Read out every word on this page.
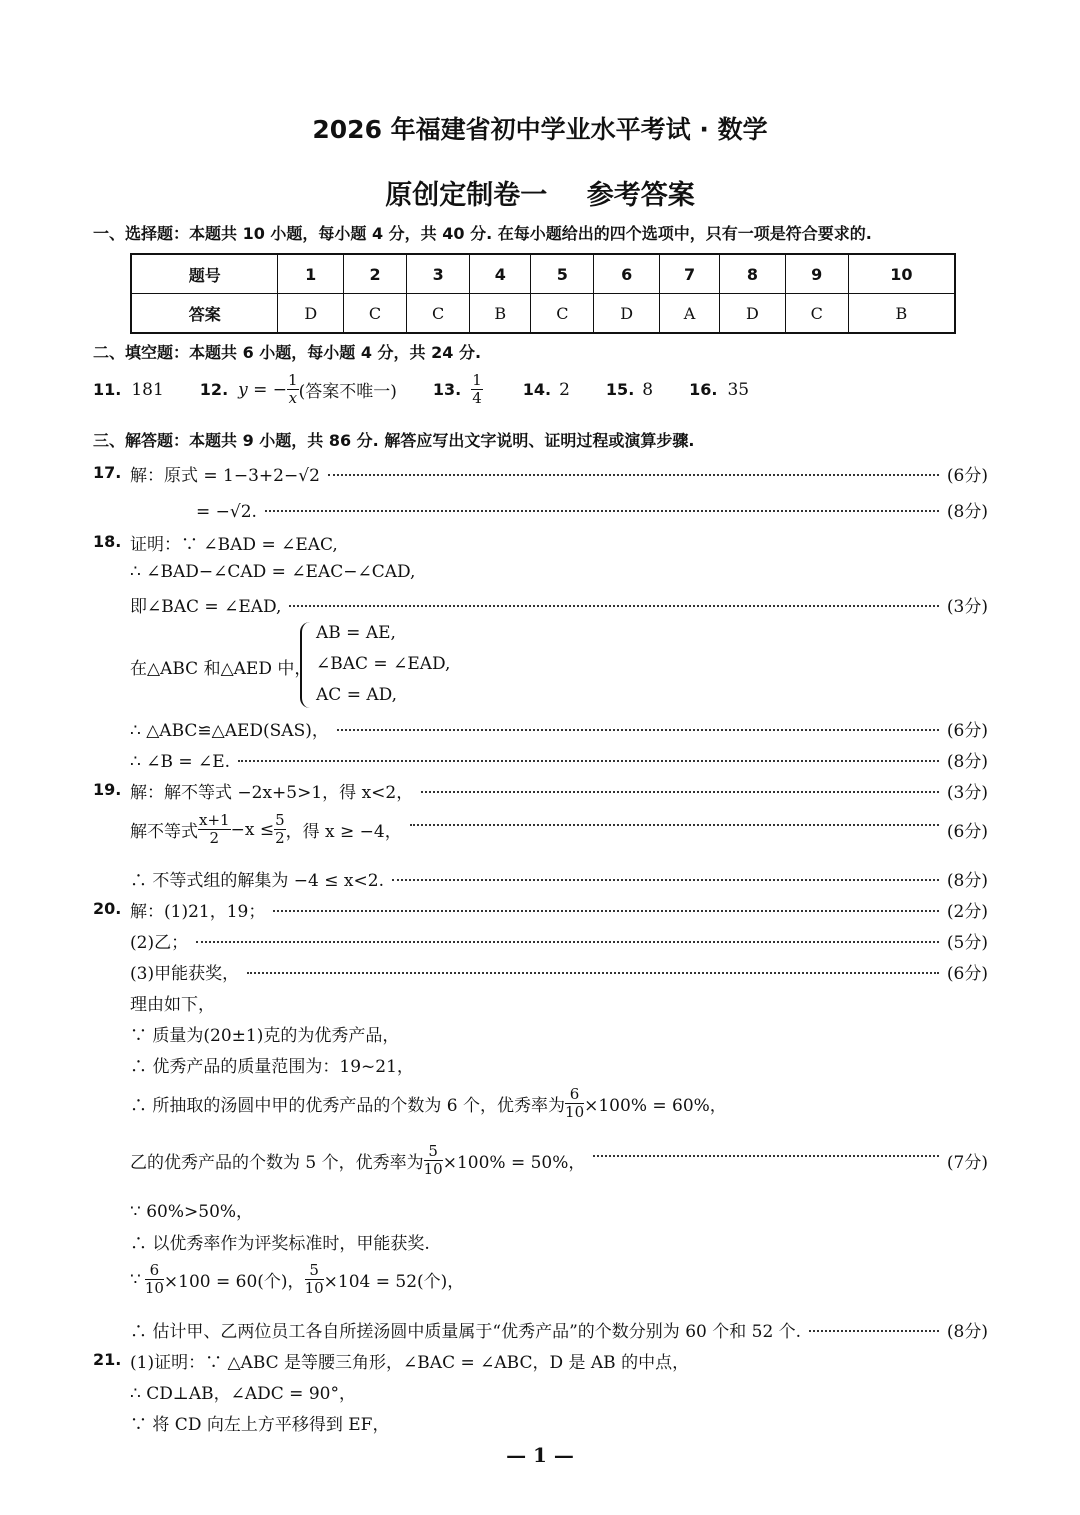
2026 年福建省初中学业水平考试 · 数学
原创定制卷一 参考答案
一、选择题：本题共 10 小题，每小题 4 分，共 40 分. 在每小题给出的四个选项中，只有一项是符合要求的.
题号	1	2	3	4	5	6	7	8	9	10
答案	D	C	C	B	C	D	A	D	C	B
二、填空题：本题共 6 小题，每小题 4 分，共 24 分.
11. 181 12. y = − $\frac{1}{x}$ (答案不唯一) 13. $\frac{1}{4}$	14. 2 15. 8 16. 35
三、解答题：本题共 9 小题，共 86 分. 解答应写出文字说明、证明过程或演算步骤.
17. 解：原式 = 1−3+2−√2	(6分)
= −√2.	(8分)
18. 证明：∵ ∠BAD = ∠EAC,
∴ ∠BAD−∠CAD = ∠EAC−∠CAD,
即∠BAC = ∠EAD,	(3分)
在△ABC 和△AED 中，
AB = AE,
∠BAC = ∠EAD,
AC = AD,
∴ △ABC≌△AED(SAS)，	(6分)
∴ ∠B = ∠E.	(8分)
19. 解：解不等式 −2x+5>1，得 x<2，	(3分)
解不等式 $\frac{x+1}{2} -x \le \frac{5}{2}$ ，得 x ≥ −4，	(6分)
∴ 不等式组的解集为 −4 ≤ x<2.	(8分)
20. 解：(1)21，19；	(2分)
(2)乙；	(5分)
(3)甲能获奖，	(6分)
理由如下，
∵ 质量为(20±1)克的为优秀产品，
∴ 优秀产品的质量范围为：19~21，
∴ 所抽取的汤圆中甲的优秀产品的个数为 6 个，优秀率为 $\frac{6}{10} \times 100\% = 60\%$，
乙的优秀产品的个数为 5 个，优秀率为 $\frac{5}{10} \times 100\% = 50\%$，	(7分)
∵ 60%>50%，
∴ 以优秀率作为评奖标准时，甲能获奖.
∵ $\frac{6}{10} \times 100 = 60$(个)， $\frac{5}{10} \times 104 = 52$(个)，
∴ 估计甲、乙两位员工各自所搓汤圆中质量属于“优秀产品”的个数分别为 60 个和 52 个.	(8分)
21. (1)证明：∵ △ABC 是等腰三角形，∠BAC = ∠ABC，D 是 AB 的中点，
∴ CD⊥AB，∠ADC = 90°，
∵ 将 CD 向左上方平移得到 EF，
— 1 —
